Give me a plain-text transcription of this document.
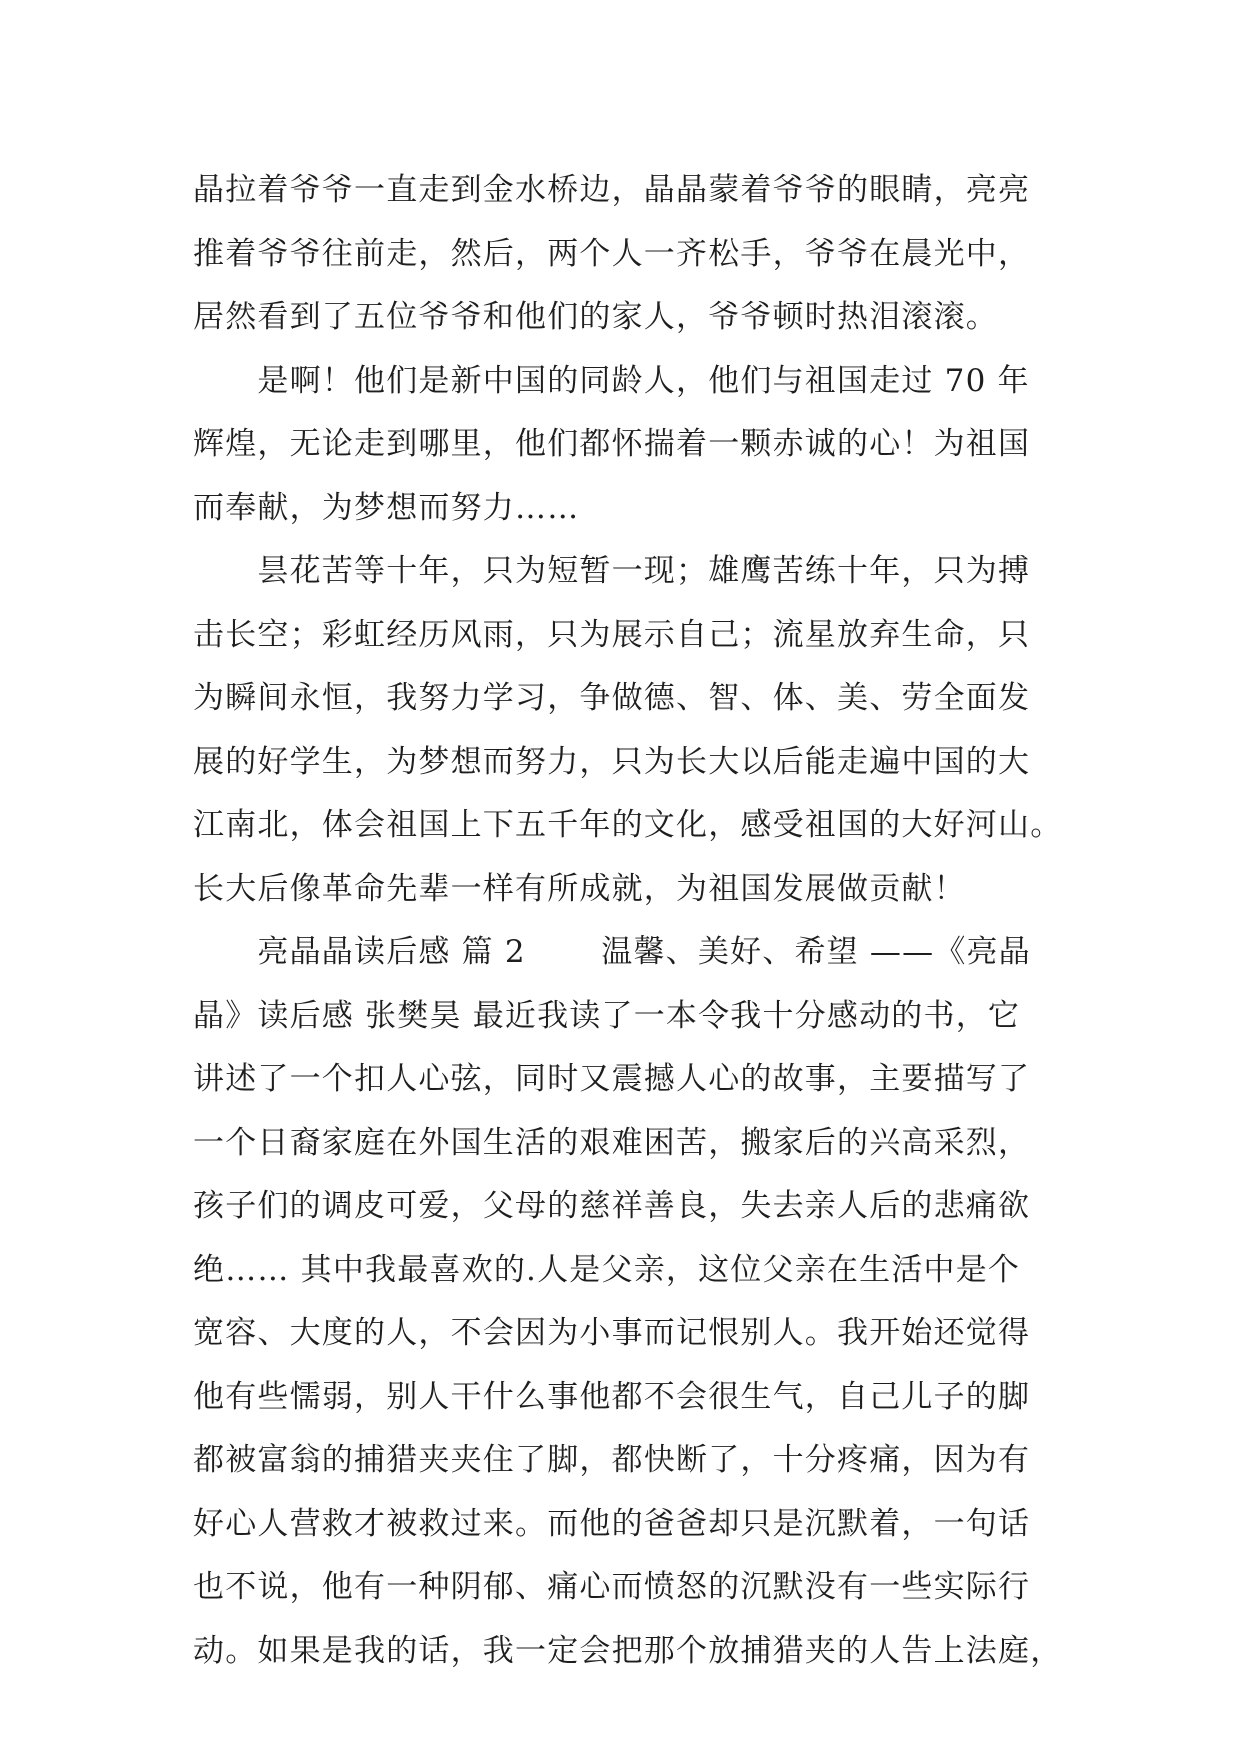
晶拉着爷爷一直走到金水桥边，晶晶蒙着爷爷的眼睛，亮亮
推着爷爷往前走，然后，两个人一齐松手，爷爷在晨光中，
居然看到了五位爷爷和他们的家人，爷爷顿时热泪滚滚。
　　是啊！他们是新中国的同龄人，他们与祖国走过 70 年
辉煌，无论走到哪里，他们都怀揣着一颗赤诚的心！为祖国
而奉献，为梦想而努力……
　　昙花苦等十年，只为短暂一现；雄鹰苦练十年，只为搏
击长空；彩虹经历风雨，只为展示自己；流星放弃生命，只
为瞬间永恒，我努力学习，争做德、智、体、美、劳全面发
展的好学生，为梦想而努力，只为长大以后能走遍中国的大
江南北，体会祖国上下五千年的文化，感受祖国的大好河山。
长大后像革命先辈一样有所成就，为祖国发展做贡献！
　　亮晶晶读后感 篇 2　　 温馨、美好、希望 ——《亮晶
晶》读后感 张樊昊 最近我读了一本令我十分感动的书，它
讲述了一个扣人心弦，同时又震撼人心的故事，主要描写了
一个日裔家庭在外国生活的艰难困苦，搬家后的兴高采烈，
孩子们的调皮可爱，父母的慈祥善良，失去亲人后的悲痛欲
绝…… 其中我最喜欢的.人是父亲，这位父亲在生活中是个
宽容、大度的人，不会因为小事而记恨别人。我开始还觉得
他有些懦弱，别人干什么事他都不会很生气，自己儿子的脚
都被富翁的捕猎夹夹住了脚，都快断了，十分疼痛，因为有
好心人营救才被救过来。而他的爸爸却只是沉默着，一句话
也不说，他有一种阴郁、痛心而愤怒的沉默没有一些实际行
动。如果是我的话，我一定会把那个放捕猎夹的人告上法庭，
